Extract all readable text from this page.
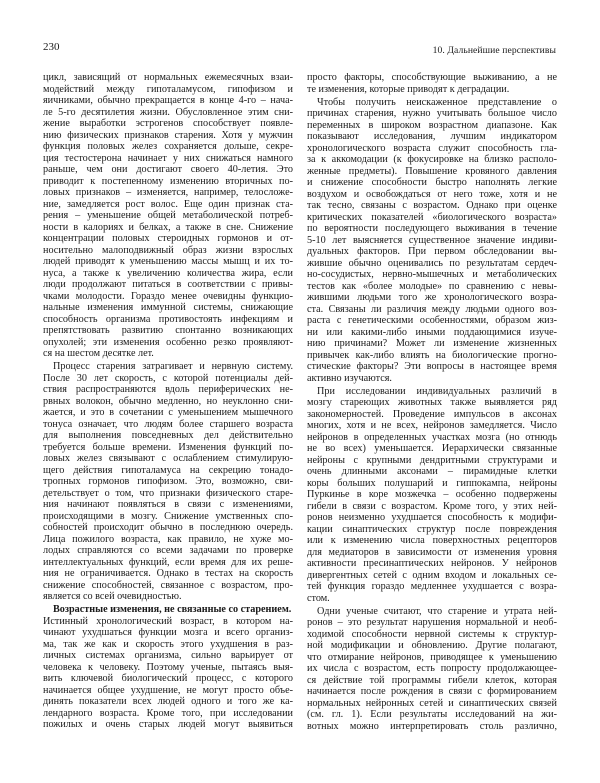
230	10. Дальнейшие перспективы
цикл, зависящий от нормальных ежемесячных взаи-
модействий между гипоталамусом, гипофизом и
яичниками, обычно прекращается в конце 4-го – нача-
ле 5-го десятилетия жизни. Обусловленное этим сни-
жение выработки эстрогенов способствует появле-
нию физических признаков старения. Хотя у мужчин
функция половых желез сохраняется дольше, секре-
ция тестостерона начинает у них снижаться намного
раньше, чем они достигают своего 40-летия. Это
приводит к постепенному изменению вторичных по-
ловых признаков – изменяется, например, телосложе-
ние, замедляется рост волос. Еще один признак ста-
рения – уменьшение общей метаболической потреб-
ности в калориях и белках, а также в сне. Снижение
концентрации половых стероидных гормонов и от-
носительно малоподвижный образ жизни взрослых
людей приводят к уменьшению массы мышц и их то-
нуса, а также к увеличению количества жира, если
люди продолжают питаться в соответствии с привы-
чками молодости. Гораздо менее очевидны функцио-
нальные изменения иммунной системы, снижающие
способность организма противостоять инфекциям и
препятствовать развитию спонтанно возникающих
опухолей; эти изменения особенно резко проявляют-
ся на шестом десятке лет.
Процесс старения затрагивает и нервную систему.
После 30 лет скорость, с которой потенциалы дей-
ствия распространяются вдоль периферических не-
рвных волокон, обычно медленно, но неуклонно сни-
жается, и это в сочетании с уменьшением мышечного
тонуса означает, что людям более старшего возраста
для выполнения повседневных дел действительно
требуется больше времени. Изменения функций по-
ловых желез связывают с ослаблением стимулирую-
щего действия гипоталамуса на секрецию тонадо-
тропных гормонов гипофизом. Это, возможно, сви-
детельствует о том, что признаки физического старе-
ния начинают появляться в связи с изменениями,
происходящими в мозгу. Снижение умственных спо-
собностей происходит обычно в последнюю очередь.
Лица пожилого возраста, как правило, не хуже мо-
лодых справляются со всеми задачами по проверке
интеллектуальных функций, если время для их реше-
ния не ограничивается. Однако в тестах на скорость
снижение способностей, связанное с возрастом, про-
является со всей очевидностью.
Возрастные изменения, не связанные со старением.
Истинный хронологический возраст, в котором на-
чинают ухудшаться функции мозга и всего организ-
ма, так же как и скорость этого ухудшения в раз-
личных системах организма, сильно варьирует от
человека к человеку. Поэтому ученые, пытаясь выя-
вить ключевой биологический процесс, с которого
начинается общее ухудшение, не могут просто объе-
динять показатели всех людей одного и того же ка-
лендарного возраста. Кроме того, при исследовании
пожилых и очень старых людей могут выявиться
просто факторы, способствующие выживанию, а не
те изменения, которые приводят к деградации.
Чтобы получить неискаженное представление о
причинах старения, нужно учитывать большое число
переменных в широком возрастном диапазоне. Как
показывают исследования, лучшим индикатором
хронологического возраста служит способность гла-
за к аккомодации (к фокусировке на близко располо-
женные предметы). Повышение кровяного давления
и снижение способности быстро наполнять легкие
воздухом и освобождаться от него тоже, хотя и не
так тесно, связаны с возрастом. Однако при оценке
критических показателей «биологического возраста»
по вероятности последующего выживания в течение
5-10 лет выясняется существенное значение индиви-
дуальных факторов. При первом обследовании вы-
жившие обычно оценивались по результатам сердеч-
но-сосудистых, нервно-мышечных и метаболических
тестов как «более молодые» по сравнению с невы-
жившими людьми того же хронологического возра-
ста. Связаны ли различия между людьми одного воз-
раста с генетическими особенностями, образом жиз-
ни или какими-либо иными поддающимися изуче-
нию причинами? Может ли изменение жизненных
привычек как-либо влиять на биологические прогно-
стические факторы? Эти вопросы в настоящее время
активно изучаются.
При исследовании индивидуальных различий в
мозгу стареющих животных также выявляется ряд
закономерностей. Проведение импульсов в аксонах
многих, хотя и не всех, нейронов замедляется. Число
нейронов в определенных участках мозга (но отнюдь
не во всех) уменьшается. Иерархически связанные
нейроны с крупными дендритными структурами и
очень длинными аксонами – пирамидные клетки
коры больших полушарий и гиппокампа, нейроны
Пуркинье в коре мозжечка – особенно подвержены
гибели в связи с возрастом. Кроме того, у этих ней-
ронов неизменно ухудшается способность к модифи-
кации синаптических структур после повреждения
или к изменению числа поверхностных рецепторов
для медиаторов в зависимости от изменения уровня
активности пресинаптических нейронов. У нейронов
дивергентных сетей с одним входом и локальных се-
тей функция гораздо медленнее ухудшается с возра-
стом.
Одни ученые считают, что старение и утрата ней-
ронов – это результат нарушения нормальной и необ-
ходимой способности нервной системы к структур-
ной модификации и обновлению. Другие полагают,
что отмирание нейронов, приводящее к уменьшению
их числа с возрастом, есть попросту продолжающее-
ся действие той программы гибели клеток, которая
начинается после рождения в связи с формированием
нормальных нейронных сетей и синаптических связей
(см. гл. 1). Если результаты исследований на жи-
вотных можно интерпретировать столь различно,
